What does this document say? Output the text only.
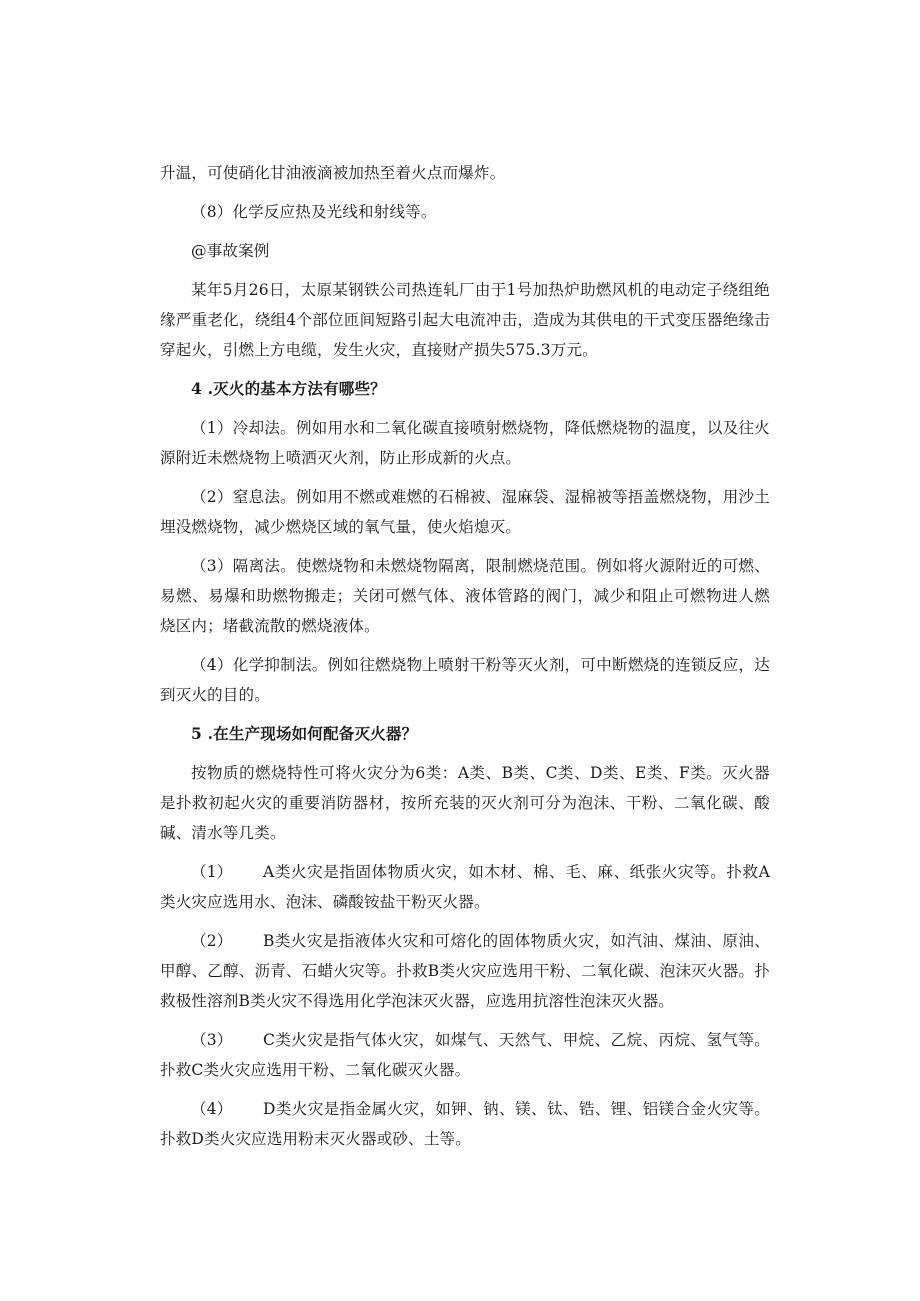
升温，可使硝化甘油液滴被加热至着火点而爆炸。

（8）化学反应热及光线和射线等。

@事故案例

某年5月26日，太原某钢铁公司热连轧厂由于1号加热炉助燃风机的电动定子绕组绝缘严重老化，绕组4个部位匝间短路引起大电流冲击，造成为其供电的干式变压器绝缘击穿起火，引燃上方电缆，发生火灾，直接财产损失575.3万元。

4 .灭火的基本方法有哪些？

（1）冷却法。例如用水和二氧化碳直接喷射燃烧物，降低燃烧物的温度，以及往火源附近未燃烧物上喷洒灭火剂，防止形成新的火点。

（2）窒息法。例如用不燃或难燃的石棉被、湿麻袋、湿棉被等捂盖燃烧物，用沙土埋没燃烧物，减少燃烧区域的氧气量，使火焰熄灭。

（3）隔离法。使燃烧物和未燃烧物隔离，限制燃烧范围。例如将火源附近的可燃、易燃、易爆和助燃物搬走；关闭可燃气体、液体管路的阀门，减少和阻止可燃物进人燃烧区内；堵截流散的燃烧液体。

（4）化学抑制法。例如往燃烧物上喷射干粉等灭火剂，可中断燃烧的连锁反应，达到灭火的目的。

5 .在生产现场如何配备灭火器？

按物质的燃烧特性可将火灾分为6类：A类、B类、C类、D类、E类、F类。灭火器是扑救初起火灾的重要消防器材，按所充装的灭火剂可分为泡沫、干粉、二氧化碳、酸碱、清水等几类。

（1） A类火灾是指固体物质火灾，如木材、棉、毛、麻、纸张火灾等。扑救A类火灾应选用水、泡沫、磷酸铵盐干粉灭火器。

（2） B类火灾是指液体火灾和可熔化的固体物质火灾，如汽油、煤油、原油、甲醇、乙醇、沥青、石蜡火灾等。扑救B类火灾应选用干粉、二氧化碳、泡沫灭火器。扑救极性溶剂B类火灾不得选用化学泡沫灭火器，应选用抗溶性泡沫灭火器。

（3） C类火灾是指气体火灾，如煤气、天然气、甲烷、乙烷、丙烷、氢气等。扑救C类火灾应选用干粉、二氧化碳灭火器。

（4） D类火灾是指金属火灾，如钾、钠、镁、钛、锆、锂、铝镁合金火灾等。扑救D类火灾应选用粉末灭火器或砂、土等。
